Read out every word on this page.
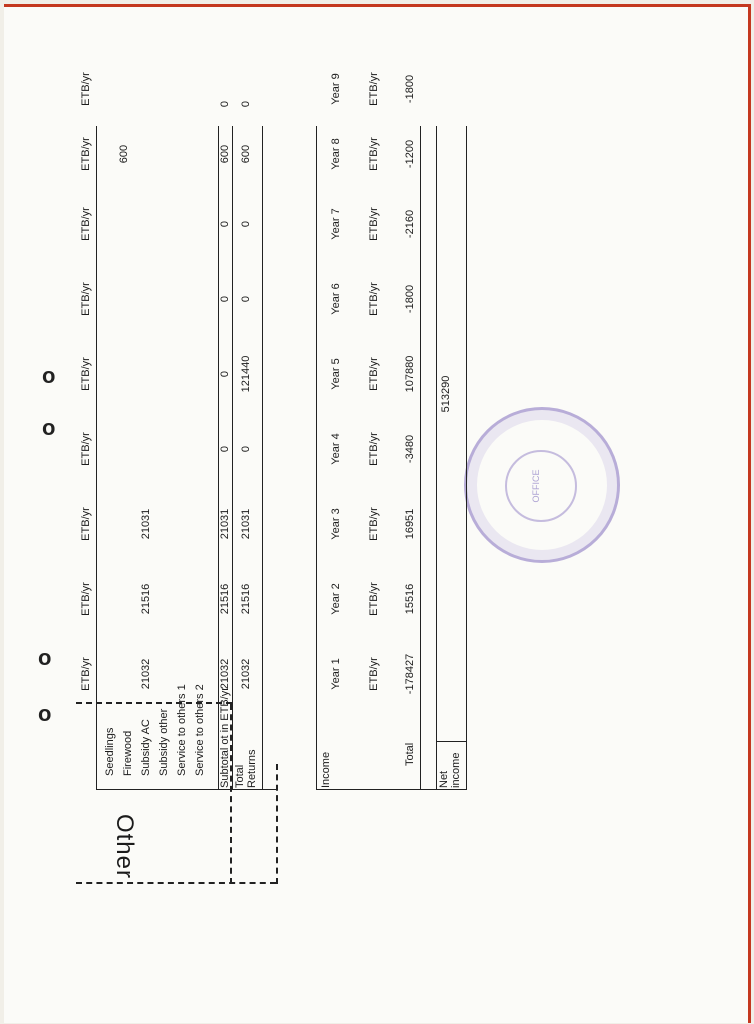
o
o
o
o
OFFICE
Other
ETB/yr
ETB/yr
ETB/yr
ETB/yr
ETB/yr
ETB/yr
ETB/yr
ETB/yr
ETB/yr
Seedlings Firewood Subsidy AC Subsidy other Service to others 1 Service to others 2
21032
21516
21031
600
Subtotal ot in ETB/yr
21032
21516
21031
0
0
0
0
600
0
Total Returns
21032
21516
21031
0
121440
0
0
600
0
Income
Year 1
Year 2
Year 3
Year 4
Year 5
Year 6
Year 7
Year 8
Year 9
ETB/yr
ETB/yr
ETB/yr
ETB/yr
ETB/yr
ETB/yr
ETB/yr
ETB/yr
ETB/yr
Total
-178427
15516
16951
-3480
107880
-1800
-2160
-1200
-1800
Net income
513290
